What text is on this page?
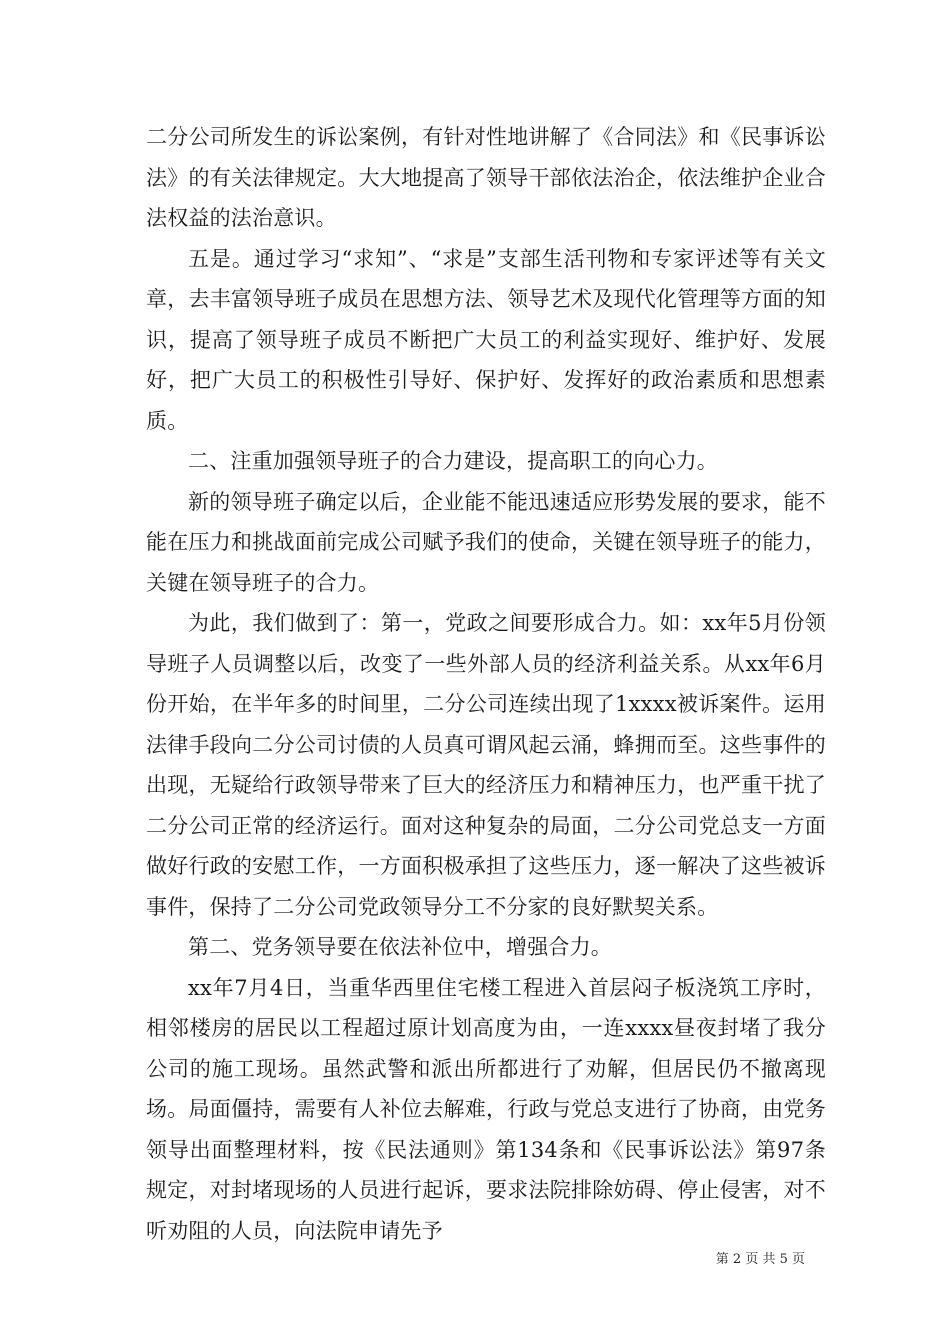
二分公司所发生的诉讼案例，有针对性地讲解了《合同法》和《民事诉讼法》的有关法律规定。大大地提高了领导干部依法治企，依法维护企业合法权益的法治意识。

五是。通过学习“求知”、“求是”支部生活刊物和专家评述等有关文章，去丰富领导班子成员在思想方法、领导艺术及现代化管理等方面的知识，提高了领导班子成员不断把广大员工的利益实现好、维护好、发展好，把广大员工的积极性引导好、保护好、发挥好的政治素质和思想素质。

二、注重加强领导班子的合力建设，提高职工的向心力。

新的领导班子确定以后，企业能不能迅速适应形势发展的要求，能不能在压力和挑战面前完成公司赋予我们的使命，关键在领导班子的能力，关键在领导班子的合力。

为此，我们做到了：第一，党政之间要形成合力。如：xx年5月份领导班子人员调整以后，改变了一些外部人员的经济利益关系。从xx年6月份开始，在半年多的时间里，二分公司连续出现了1xxxx被诉案件。运用法律手段向二分公司讨债的人员真可谓风起云涌，蜂拥而至。这些事件的出现，无疑给行政领导带来了巨大的经济压力和精神压力，也严重干扰了二分公司正常的经济运行。面对这种复杂的局面，二分公司党总支一方面做好行政的安慰工作，一方面积极承担了这些压力，逐一解决了这些被诉事件，保持了二分公司党政领导分工不分家的良好默契关系。

第二、党务领导要在依法补位中，增强合力。

xx年7月4日，当重华西里住宅楼工程进入首层闷子板浇筑工序时，相邻楼房的居民以工程超过原计划高度为由，一连xxxx昼夜封堵了我分公司的施工现场。虽然武警和派出所都进行了劝解，但居民仍不撤离现场。局面僵持，需要有人补位去解难，行政与党总支进行了协商，由党务领导出面整理材料，按《民法通则》第134条和《民事诉讼法》第97条规定，对封堵现场的人员进行起诉，要求法院排除妨碍、停止侵害，对不听劝阻的人员，向法院申请先予

第 2 页 共 5 页
